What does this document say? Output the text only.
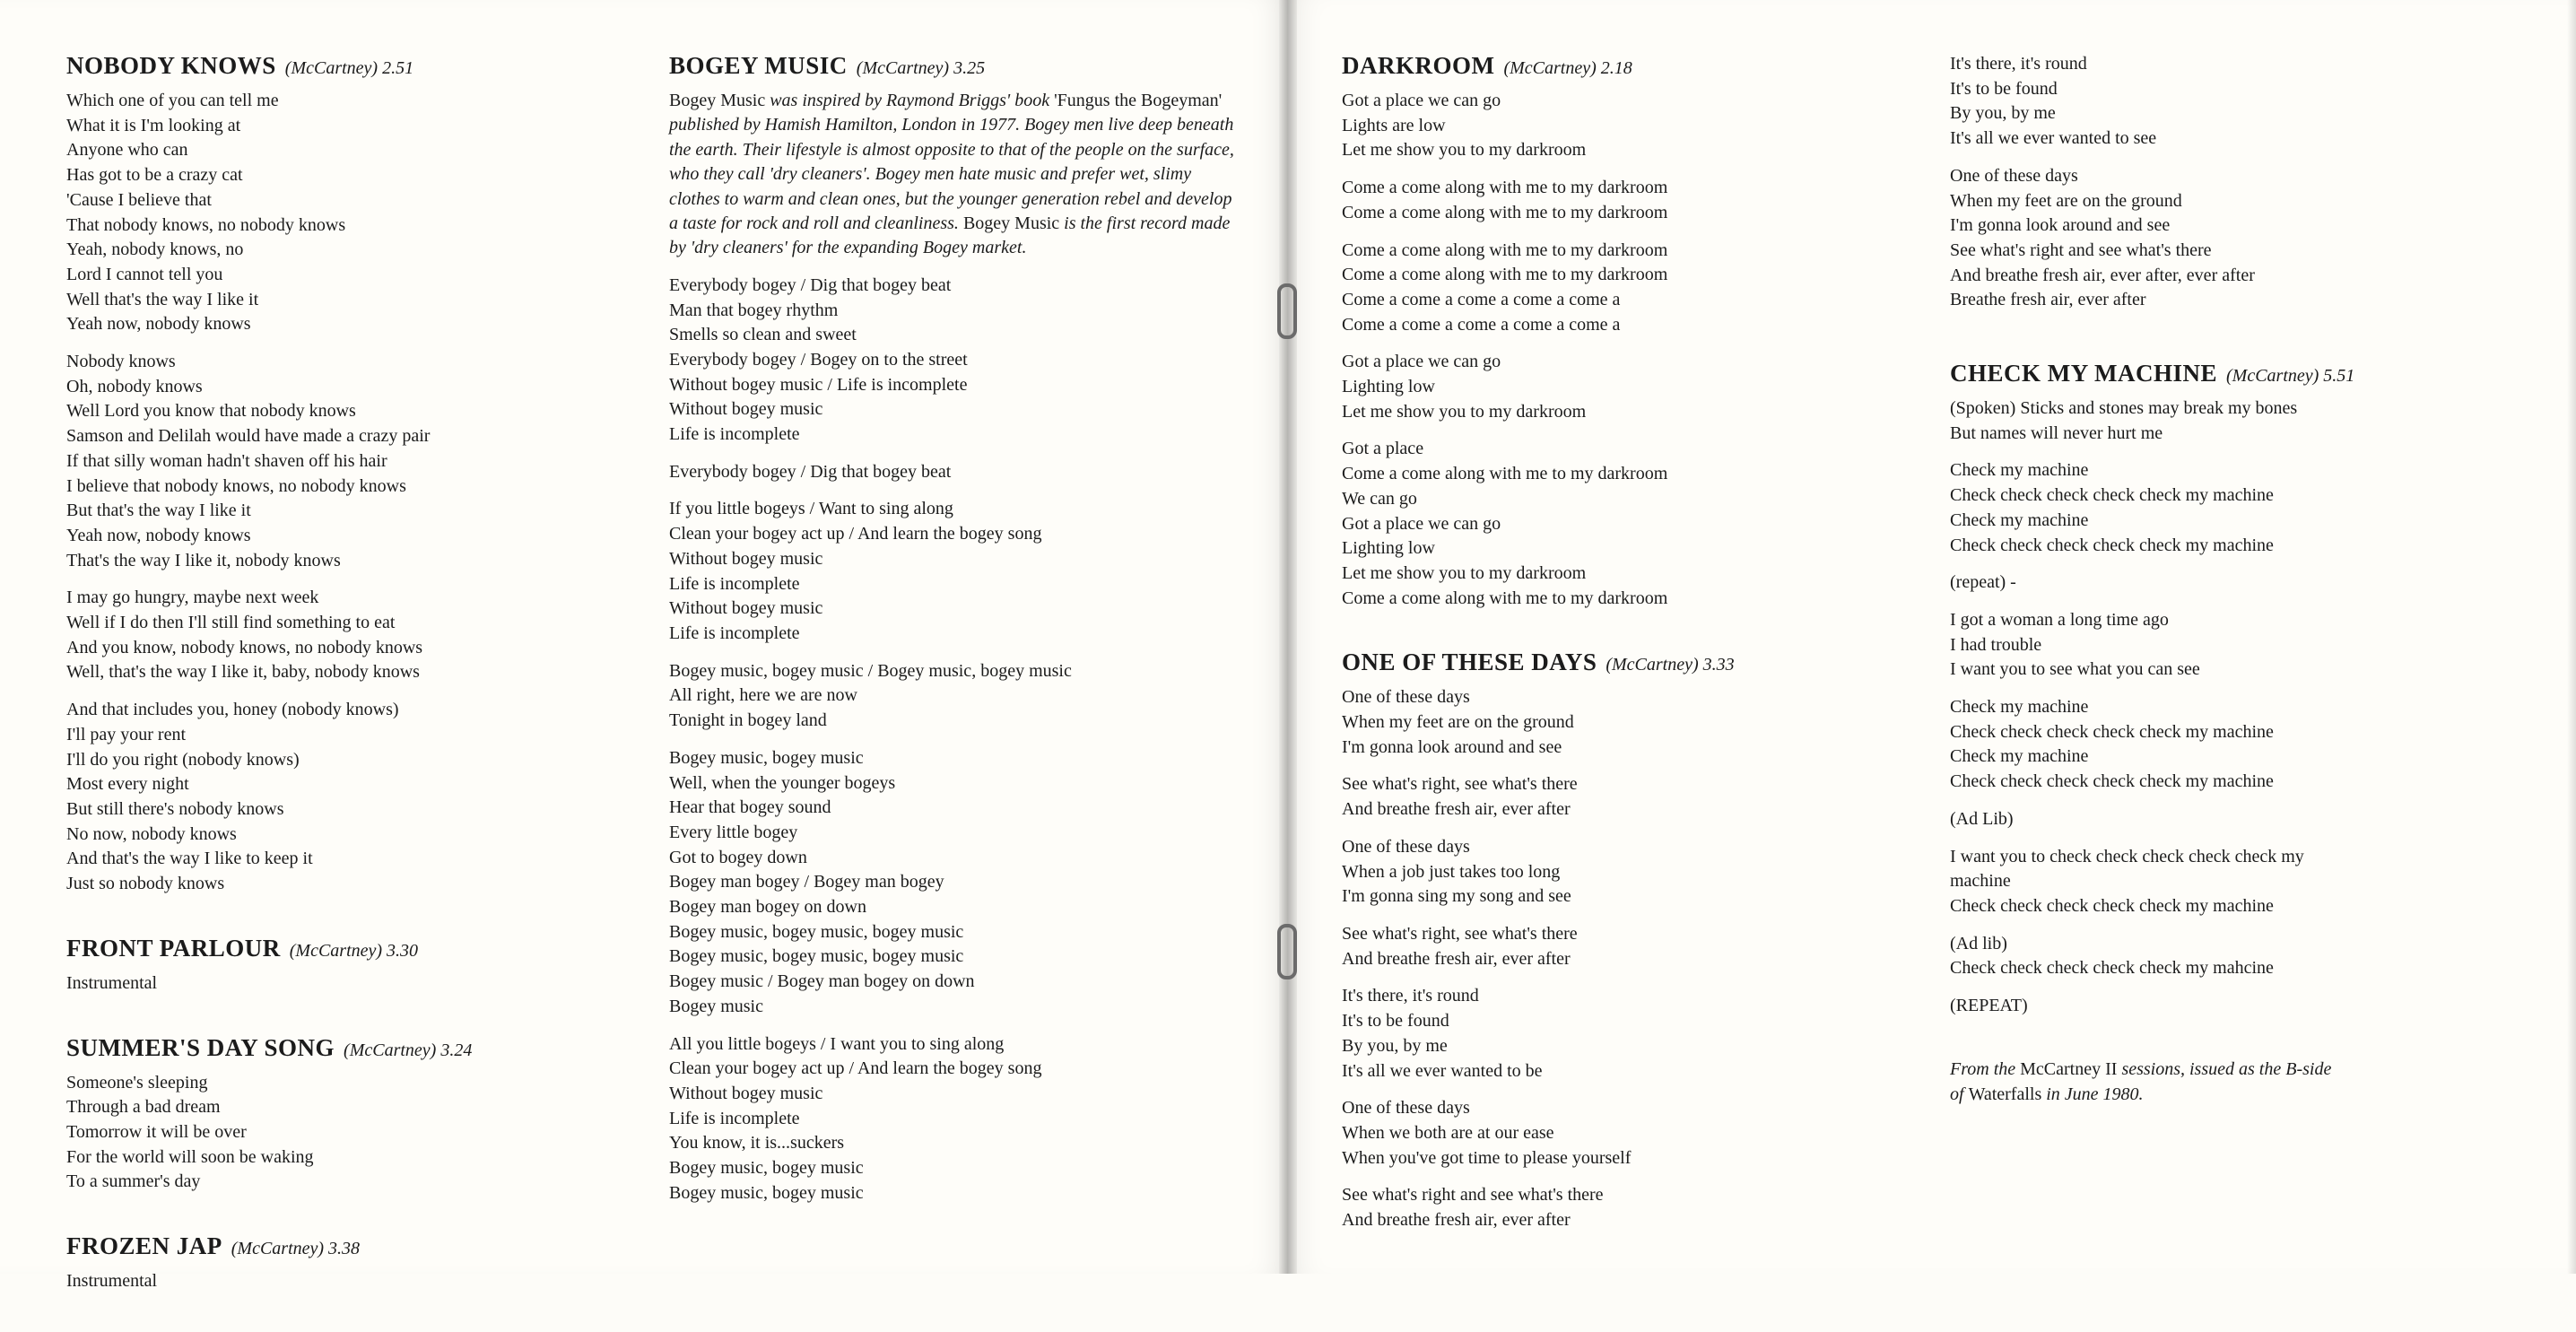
NOBODY KNOWS (McCartney) 2.51
Which one of you can tell me
What it is I'm looking at
Anyone who can
Has got to be a crazy cat
'Cause I believe that
That nobody knows, no nobody knows
Yeah, nobody knows, no
Lord I cannot tell you
Well that's the way I like it
Yeah now, nobody knows
Nobody knows
Oh, nobody knows
Well Lord you know that nobody knows
Samson and Delilah would have made a crazy pair
If that silly woman hadn't shaven off his hair
I believe that nobody knows, no nobody knows
But that's the way I like it
Yeah now, nobody knows
That's the way I like it, nobody knows
I may go hungry, maybe next week
Well if I do then I'll still find something to eat
And you know, nobody knows, no nobody knows
Well, that's the way I like it, baby, nobody knows
And that includes you, honey (nobody knows)
I'll pay your rent
I'll do you right (nobody knows)
Most every night
But still there's nobody knows
No now, nobody knows
And that's the way I like to keep it
Just so nobody knows
FRONT PARLOUR (McCartney) 3.30
Instrumental
SUMMER'S DAY SONG (McCartney) 3.24
Someone's sleeping
Through a bad dream
Tomorrow it will be over
For the world will soon be waking
To a summer's day
FROZEN JAP (McCartney) 3.38
Instrumental
BOGEY MUSIC (McCartney) 3.25
Bogey Music was inspired by Raymond Briggs' book 'Fungus the Bogeyman' published by Hamish Hamilton, London in 1977. Bogey men live deep beneath the earth. Their lifestyle is almost opposite to that of the people on the surface, who they call 'dry cleaners'. Bogey men hate music and prefer wet, slimy clothes to warm and clean ones, but the younger generation rebel and develop a taste for rock and roll and cleanliness. Bogey Music is the first record made by 'dry cleaners' for the expanding Bogey market.
Everybody bogey / Dig that bogey beat
Man that bogey rhythm
Smells so clean and sweet
Everybody bogey / Bogey on to the street
Without bogey music / Life is incomplete
Without bogey music
Life is incomplete
Everybody bogey / Dig that bogey beat
If you little bogeys / Want to sing along
Clean your bogey act up / And learn the bogey song
Without bogey music
Life is incomplete
Without bogey music
Life is incomplete
Bogey music, bogey music / Bogey music, bogey music
All right, here we are now
Tonight in bogey land
Bogey music, bogey music
Well, when the younger bogeys
Hear that bogey sound
Every little bogey
Got to bogey down
Bogey man bogey / Bogey man bogey
Bogey man bogey on down
Bogey music, bogey music, bogey music
Bogey music, bogey music, bogey music
Bogey music / Bogey man bogey on down
Bogey music
All you little bogeys / I want you to sing along
Clean your bogey act up / And learn the bogey song
Without bogey music
Life is incomplete
You know, it is...suckers
Bogey music, bogey music
Bogey music, bogey music
DARKROOM (McCartney) 2.18
Got a place we can go
Lights are low
Let me show you to my darkroom
Come a come along with me to my darkroom
Come a come along with me to my darkroom
Come a come along with me to my darkroom
Come a come along with me to my darkroom
Come a come a come a come a come a
Come a come a come a come a come a
Got a place we can go
Lighting low
Let me show you to my darkroom
Got a place
Come a come along with me to my darkroom
We can go
Got a place we can go
Lighting low
Let me show you to my darkroom
Come a come along with me to my darkroom
ONE OF THESE DAYS (McCartney) 3.33
One of these days
When my feet are on the ground
I'm gonna look around and see
See what's right, see what's there
And breathe fresh air, ever after
One of these days
When a job just takes too long
I'm gonna sing my song and see
See what's right, see what's there
And breathe fresh air, ever after
It's there, it's round
It's to be found
By you, by me
It's all we ever wanted to be
One of these days
When we both are at our ease
When you've got time to please yourself
See what's right and see what's there
And breathe fresh air, ever after
It's there, it's round
It's to be found
By you, by me
It's all we ever wanted to see
One of these days
When my feet are on the ground
I'm gonna look around and see
See what's right and see what's there
And breathe fresh air, ever after, ever after
Breathe fresh air, ever after
CHECK MY MACHINE (McCartney) 5.51
(Spoken) Sticks and stones may break my bones
But names will never hurt me
Check my machine
Check check check check check my machine
Check my machine
Check check check check check my machine
(repeat) -
I got a woman a long time ago
I had trouble
I want you to see what you can see
Check my machine
Check check check check check my machine
Check my machine
Check check check check check my machine
(Ad Lib)
I want you to check check check check check my
machine
Check check check check check my machine
(Ad lib)
Check check check check check my mahcine
(REPEAT)
From the McCartney II sessions, issued as the B-side
of Waterfalls in June 1980.
